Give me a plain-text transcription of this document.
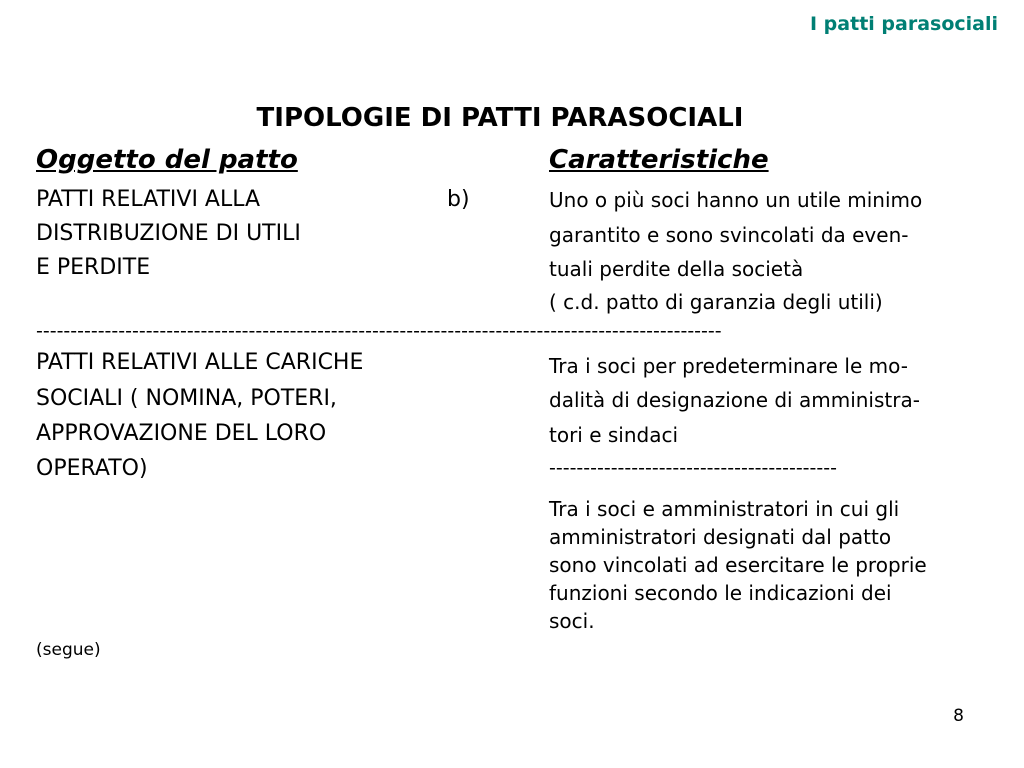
I patti parasociali
TIPOLOGIE DI PATTI PARASOCIALI
Oggetto del patto	Caratteristiche
PATTI RELATIVI ALLA
DISTRIBUZIONE DI UTILI
E PERDITE
b)	Uno o più soci hanno un utile minimo
garantito e sono svincolati da even-
tuali perdite della società
( c.d. patto di garanzia degli utili)
----------------------------------------------------------------------------------------------------
PATTI RELATIVI ALLE CARICHE
SOCIALI ( NOMINA, POTERI,
APPROVAZIONE DEL LORO
OPERATO)
Tra i soci per predeterminare le mo-
dalità di designazione di amministra-
tori e sindaci
------------------------------------------
Tra i soci e amministratori in cui gli
amministratori designati dal patto
sono vincolati ad esercitare le proprie
funzioni secondo le indicazioni dei
soci.
(segue)
8
